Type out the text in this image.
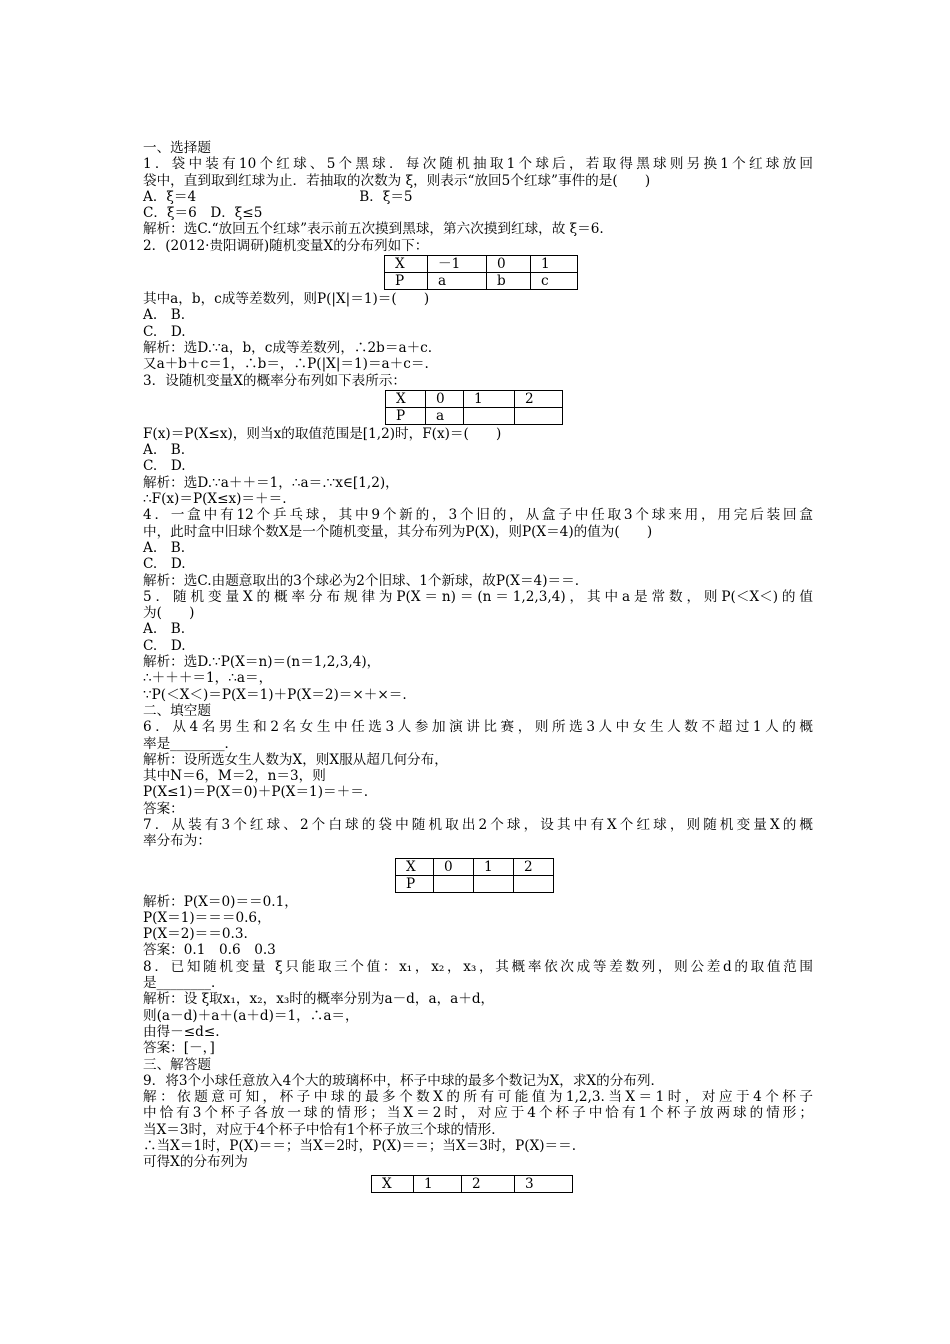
一、选择题
1．袋中装有10个红球、5个黑球．每次随机抽取1个球后，若取得黑球则另换1个红球放回
袋中，直到取到红球为止．若抽取的次数为 ξ，则表示“放回5个红球”事件的是(　　)
A．ξ＝4　　　　　　　　　　　　B．ξ＝5
C．ξ＝6　D．ξ≤5
解析：选C.“放回五个红球”表示前五次摸到黑球，第六次摸到红球，故 ξ＝6.
2．(2012·贵阳调研)随机变量X的分布列如下：
X	－1	0	1
P	a	b	c
其中a，b，c成等差数列，则P(|X|＝1)＝(　　)
A.　B.
C.　D.
解析：选D.∵a，b，c成等差数列，∴2b＝a＋c.
又a＋b＋c＝1，∴b＝，∴P(|X|＝1)＝a＋c＝.
3．设随机变量X的概率分布列如下表所示：
X	0	1	2
P	a		
F(x)＝P(X≤x)，则当x的取值范围是[1,2)时，F(x)＝(　　)
A.　B.
C.　D.
解析：选D.∵a＋＋＝1，∴a＝.∵x∈[1,2)，
∴F(x)＝P(X≤x)＝＋＝.
4．一盒中有12个乒乓球，其中9个新的，3个旧的，从盒子中任取3个球来用，用完后装回盒
中，此时盒中旧球个数X是一个随机变量，其分布列为P(X)，则P(X＝4)的值为(　　)
A.　B.
C.　D.
解析：选C.由题意取出的3个球必为2个旧球、1个新球，故P(X＝4)＝＝.
5．随机变量X的概率分布规律为P(X＝n)＝(n＝1,2,3,4)，其中a是常数，则P(＜X＜)的值
为(　　)
A.　B.
C.　D.
解析：选D.∵P(X＝n)＝(n＝1,2,3,4)，
∴＋＋＋＝1，∴a＝，
∵P(＜X＜)＝P(X＝1)＋P(X＝2)＝×＋×＝.
二、填空题
6．从4名男生和2名女生中任选3人参加演讲比赛，则所选3人中女生人数不超过1人的概
率是________．
解析：设所选女生人数为X，则X服从超几何分布，
其中N＝6，M＝2，n＝3，则
P(X≤1)＝P(X＝0)＋P(X＝1)＝＋＝.
答案：
7．从装有3个红球、2个白球的袋中随机取出2个球，设其中有X个红球，则随机变量X的概
率分布为：
X	0	1	2
P			
解析：P(X＝0)＝＝0.1，
P(X＝1)＝＝＝0.6，
P(X＝2)＝＝0.3.
答案：0.1　0.6　0.3
8．已知随机变量 ξ只能取三个值：x₁，x₂，x₃，其概率依次成等差数列，则公差d的取值范围
是________．
解析：设 ξ取x₁，x₂，x₃时的概率分别为a－d，a，a＋d，
则(a－d)＋a＋(a＋d)＝1，∴a＝，
由得－≤d≤.
答案：[－，]
三、解答题
9．将3个小球任意放入4个大的玻璃杯中，杯子中球的最多个数记为X，求X的分布列．
解：依题意可知，杯子中球的最多个数X的所有可能值为1,2,3.当X＝1时，对应于4个杯子
中恰有3个杯子各放一球的情形；当X＝2时，对应于4个杯子中恰有1个杯子放两球的情形；
当X＝3时，对应于4个杯子中恰有1个杯子放三个球的情形．
∴当X＝1时，P(X)＝＝；当X＝2时，P(X)＝＝；当X＝3时，P(X)＝＝.
可得X的分布列为
X	1	2	3
